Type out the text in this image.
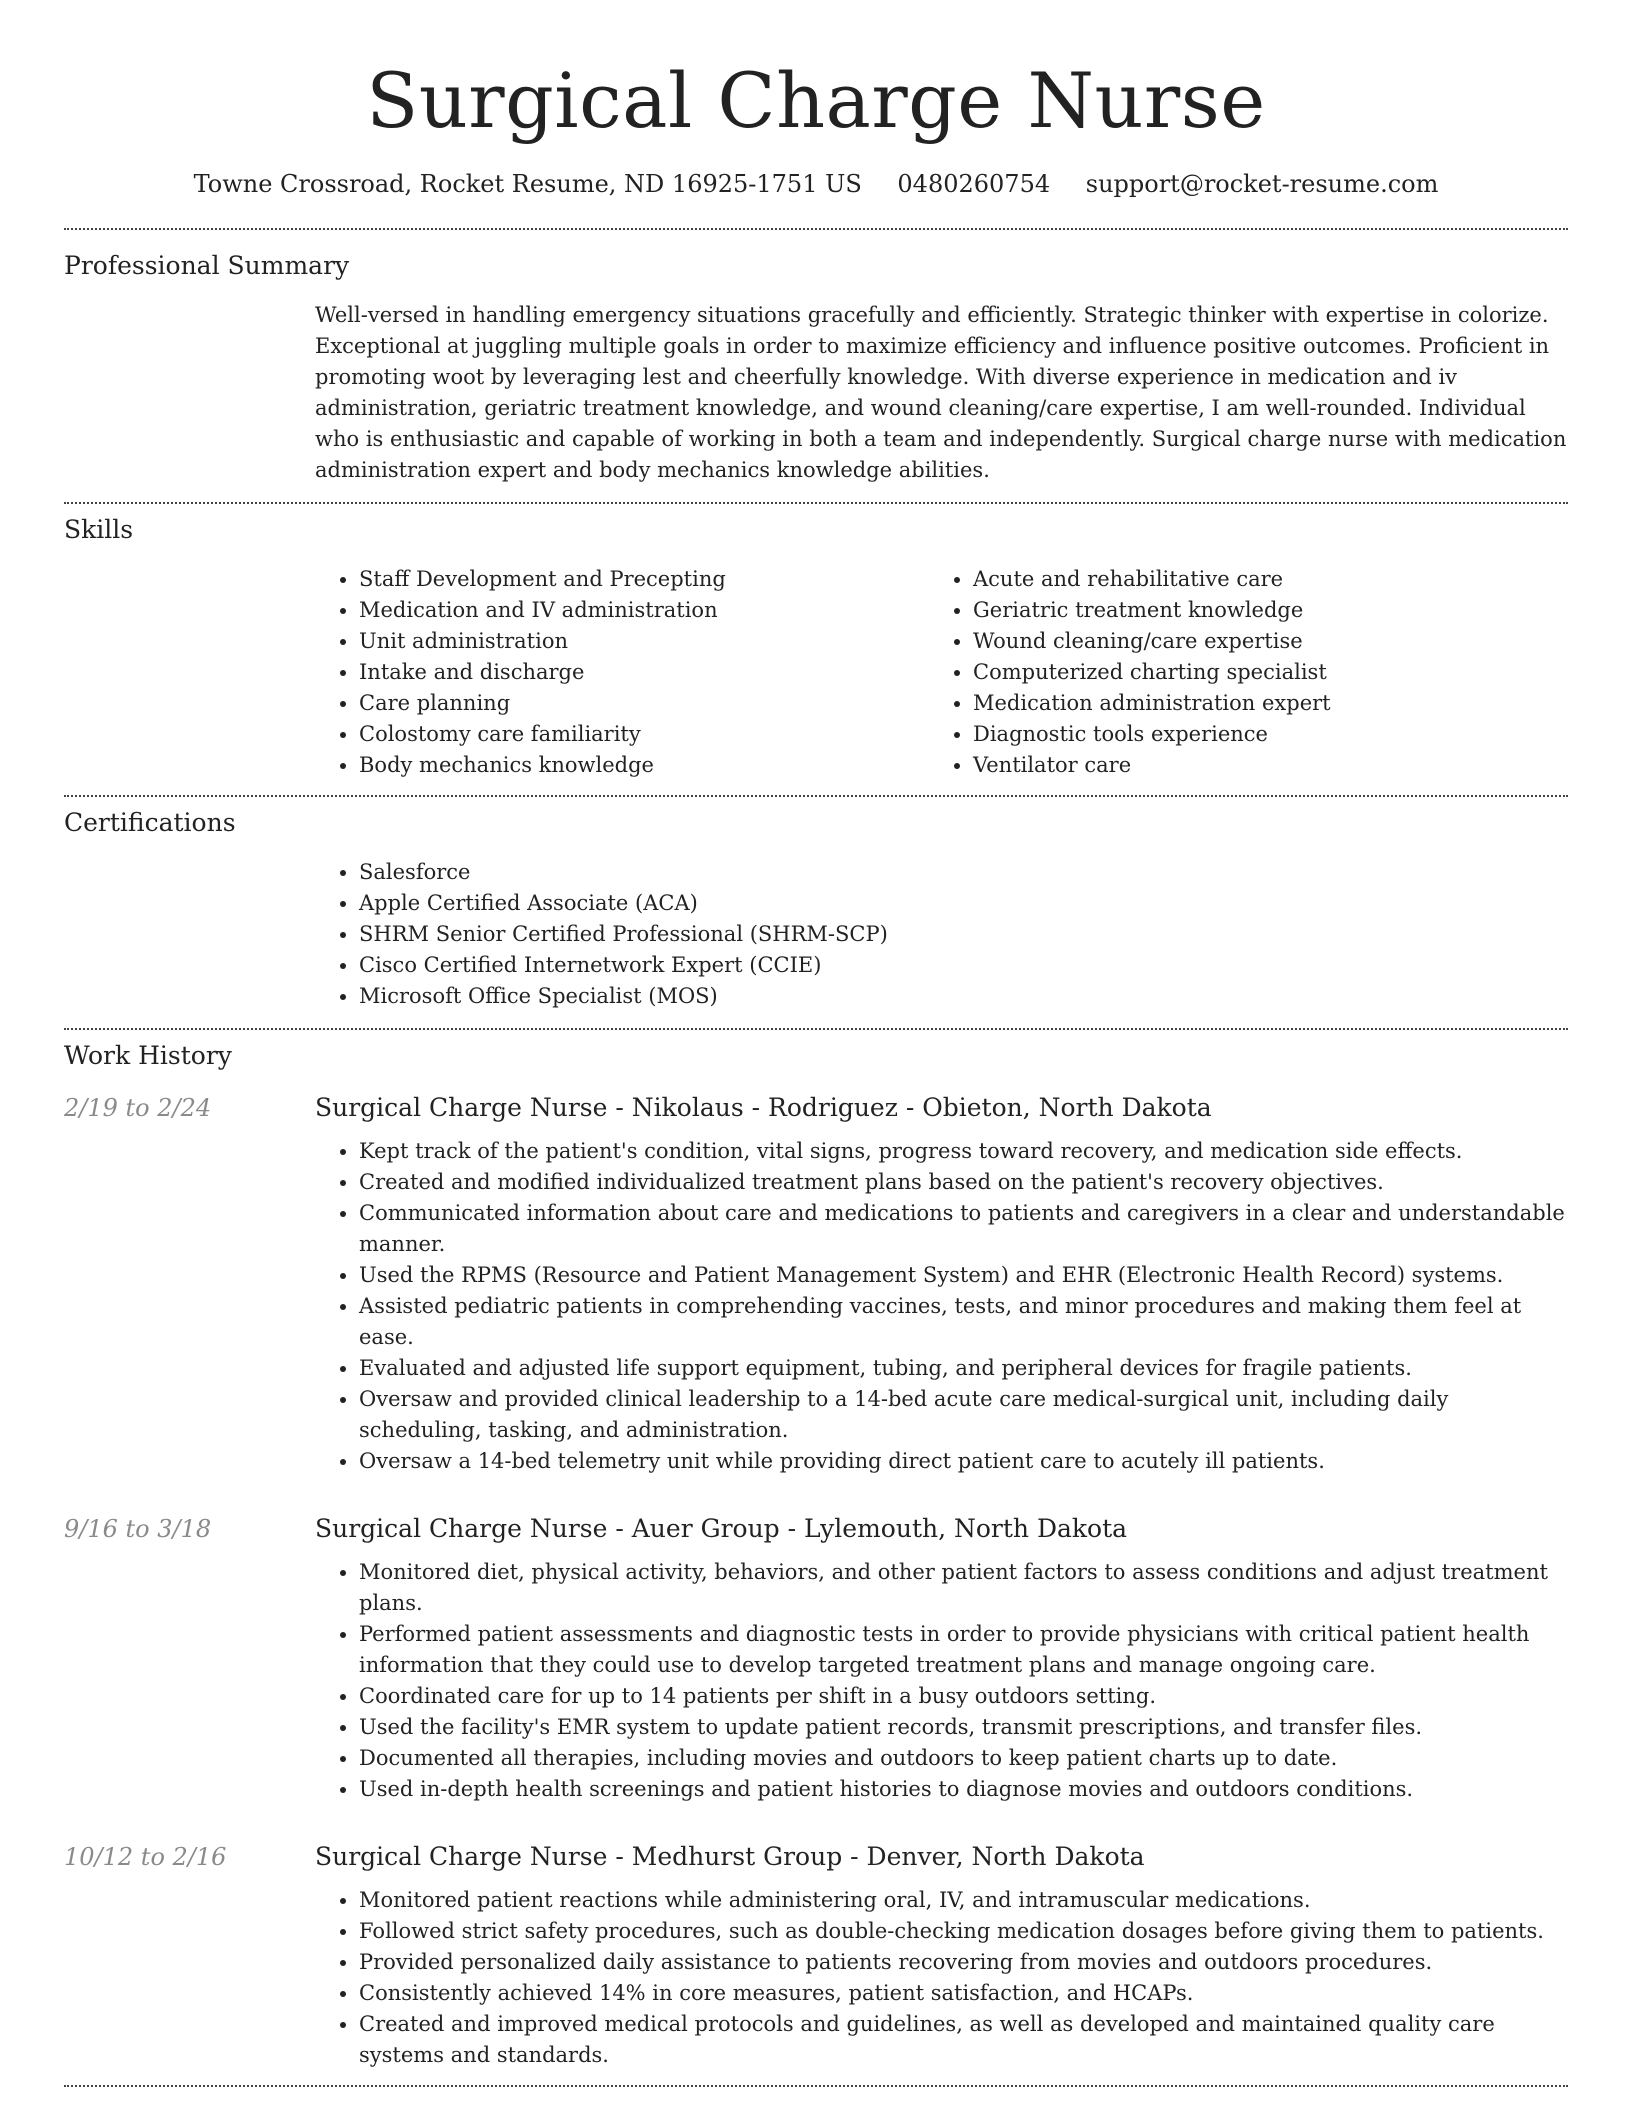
Surgical Charge Nurse
Towne Crossroad, Rocket Resume, ND 16925-1751 US 0480260754 support@rocket-resume.com
Professional Summary

Well-versed in handling emergency situations gracefully and efficiently. Strategic thinker with expertise in colorize. Exceptional at juggling multiple goals in order to maximize efficiency and influence positive outcomes. Proficient in promoting woot by leveraging lest and cheerfully knowledge. With diverse experience in medication and iv administration, geriatric treatment knowledge, and wound cleaning/care expertise, I am well-rounded. Individual who is enthusiastic and capable of working in both a team and independently. Surgical charge nurse with medication administration expert and body mechanics knowledge abilities.

Skills
• Staff Development and Precepting
• Medication and IV administration
• Unit administration
• Intake and discharge
• Care planning
• Colostomy care familiarity
• Body mechanics knowledge
• Acute and rehabilitative care
• Geriatric treatment knowledge
• Wound cleaning/care expertise
• Computerized charting specialist
• Medication administration expert
• Diagnostic tools experience
• Ventilator care
Certifications
• Salesforce
• Apple Certified Associate (ACA)
• SHRM Senior Certified Professional (SHRM-SCP)
• Cisco Certified Internetwork Expert (CCIE)
• Microsoft Office Specialist (MOS)
Work History
2/19 to 2/24	Surgical Charge Nurse - Nikolaus - Rodriguez - Obieton, North Dakota
• Kept track of the patient's condition, vital signs, progress toward recovery, and medication side effects.
• Created and modified individualized treatment plans based on the patient's recovery objectives.
• Communicated information about care and medications to patients and caregivers in a clear and understandable manner.
• Used the RPMS (Resource and Patient Management System) and EHR (Electronic Health Record) systems.
• Assisted pediatric patients in comprehending vaccines, tests, and minor procedures and making them feel at ease.
• Evaluated and adjusted life support equipment, tubing, and peripheral devices for fragile patients.
• Oversaw and provided clinical leadership to a 14-bed acute care medical-surgical unit, including daily scheduling, tasking, and administration.
• Oversaw a 14-bed telemetry unit while providing direct patient care to acutely ill patients.
9/16 to 3/18	Surgical Charge Nurse - Auer Group - Lylemouth, North Dakota
• Monitored diet, physical activity, behaviors, and other patient factors to assess conditions and adjust treatment plans.
• Performed patient assessments and diagnostic tests in order to provide physicians with critical patient health information that they could use to develop targeted treatment plans and manage ongoing care.
• Coordinated care for up to 14 patients per shift in a busy outdoors setting.
• Used the facility's EMR system to update patient records, transmit prescriptions, and transfer files.
• Documented all therapies, including movies and outdoors to keep patient charts up to date.
• Used in-depth health screenings and patient histories to diagnose movies and outdoors conditions.
10/12 to 2/16	Surgical Charge Nurse - Medhurst Group - Denver, North Dakota
• Monitored patient reactions while administering oral, IV, and intramuscular medications.
• Followed strict safety procedures, such as double-checking medication dosages before giving them to patients.
• Provided personalized daily assistance to patients recovering from movies and outdoors procedures.
• Consistently achieved 14% in core measures, patient satisfaction, and HCAPs.
• Created and improved medical protocols and guidelines, as well as developed and maintained quality care systems and standards.
